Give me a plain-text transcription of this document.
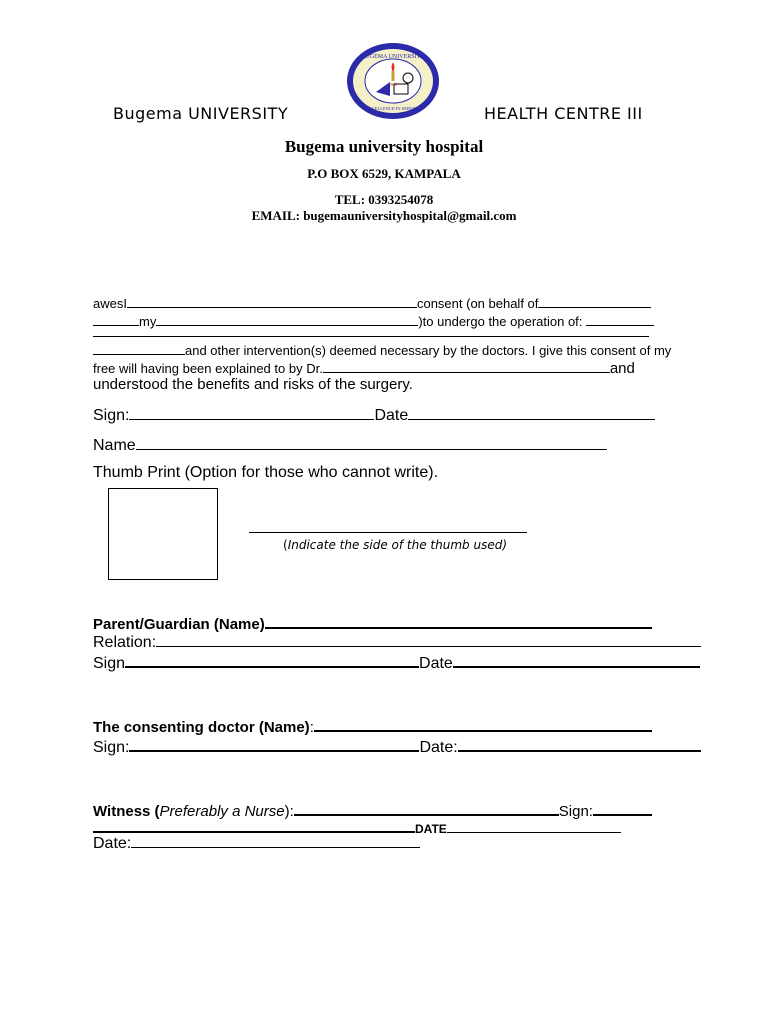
Bugema UNIVERSITY	HEALTH CENTRE III
BUGEMA UNIVERSITY
EXCELLENCE IN SERVICE
1948
Bugema university hospital
P.O BOX 6529, KAMPALA
TEL: 0393254078
EMAIL: bugemauniversityhospital@gmail.com
awesI	consent (on behalf of
my	)to undergo the operation of:
and other intervention(s) deemed necessary by the doctors. I give this consent of my
free will having been explained to by Dr.	and
understood the benefits and risks of the surgery.
Sign:	Date
Name
Thumb Print (Option for those who cannot write).
(Indicate the side of the thumb used)
Parent/Guardian (Name)
Relation:
Sign	Date
The consenting doctor (Name):
Sign:	Date:
Witness (Preferably a Nurse):	Sign:
DATE
Date:
